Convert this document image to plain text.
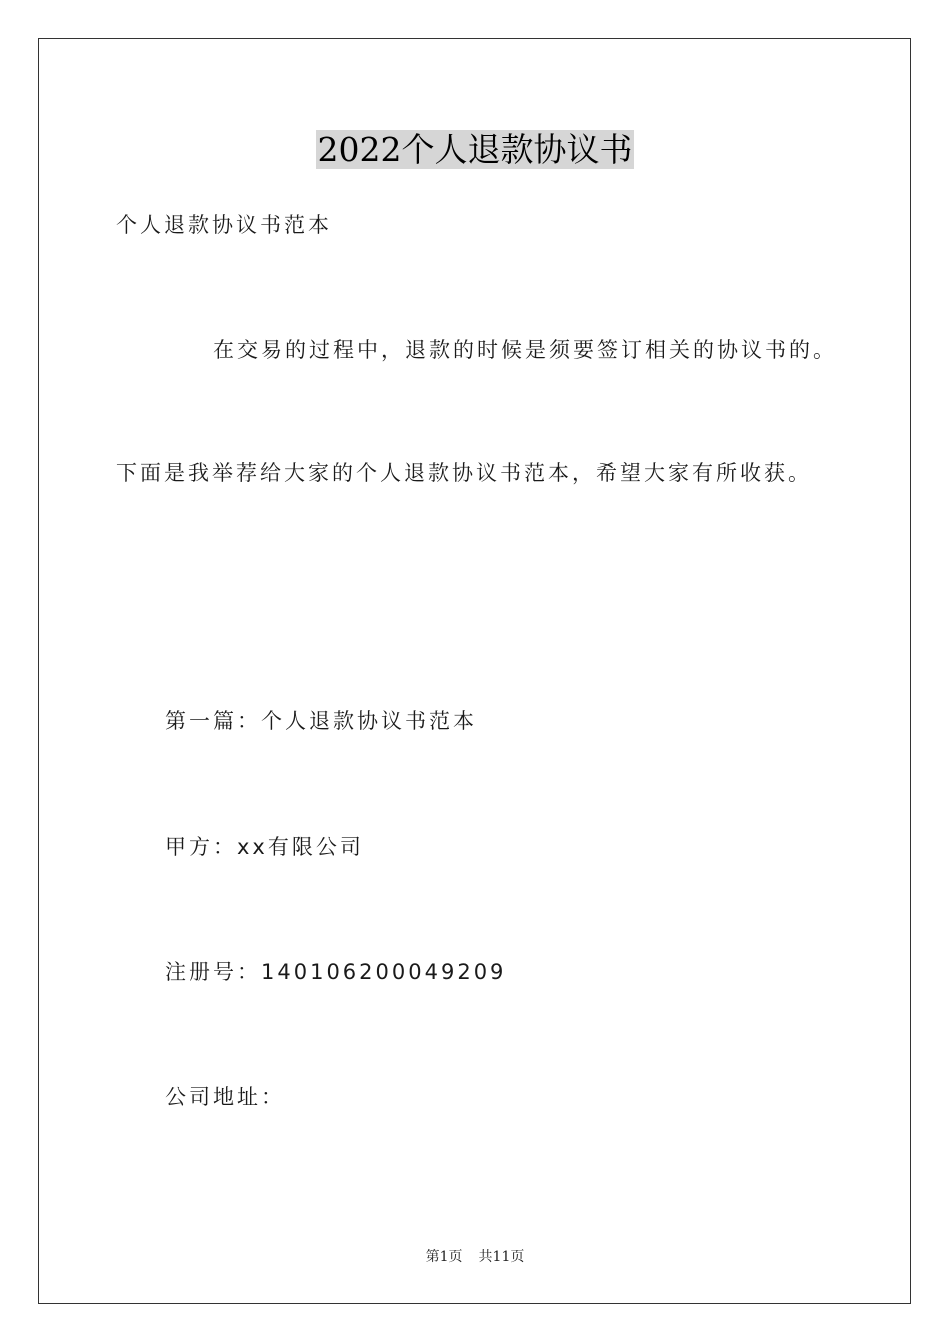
2022个人退款协议书

个人退款协议书范本

在交易的过程中，退款的时候是须要签订相关的协议书的。

下面是我举荐给大家的个人退款协议书范本，希望大家有所收获。

第一篇：个人退款协议书范本

甲方：xx有限公司

注册号：140106200049209

公司地址：

第1页 共11页
